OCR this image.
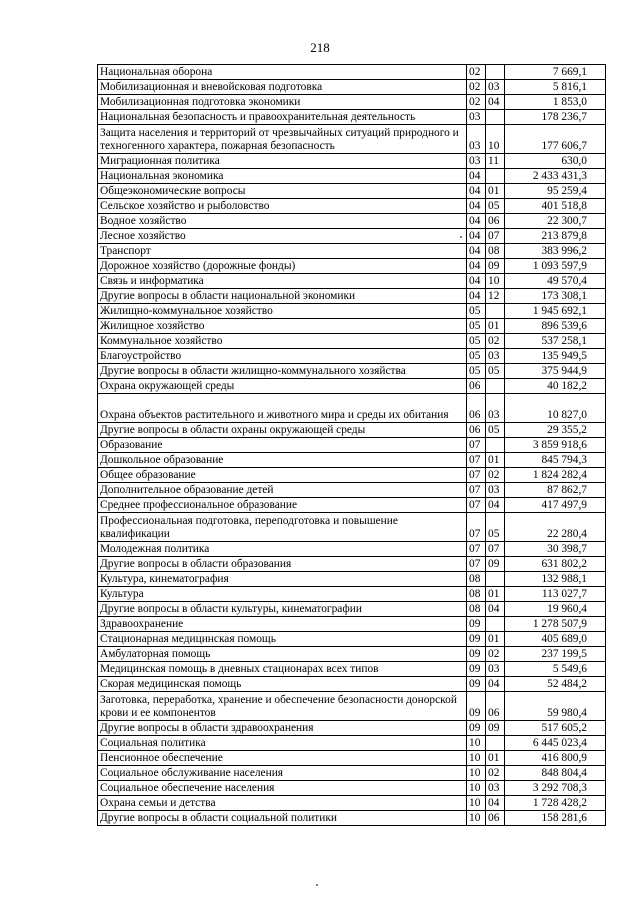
218
Национальная оборона	02		7 669,1
Мобилизационная и вневойсковая подготовка	02	03	5 816,1
Мобилизационная подготовка экономики	02	04	1 853,0
Национальная безопасность и правоохранительная деятельность	03		178 236,7
Защита населения и территорий от чрезвычайных ситуаций природного и техногенного характера, пожарная безопасность	03	10	177 606,7
Миграционная политика	03	11	630,0
Национальная экономика	04		2 433 431,3
Общеэкономические вопросы	04	01	95 259,4
Сельское хозяйство и рыболовство	04	05	401 518,8
Водное хозяйство	04	06	22 300,7
Лесное хозяйство	04	07	213 879,8
Транспорт	04	08	383 996,2
Дорожное хозяйство (дорожные фонды)	04	09	1 093 597,9
Связь и информатика	04	10	49 570,4
Другие вопросы в области национальной экономики	04	12	173 308,1
Жилищно-коммунальное хозяйство	05		1 945 692,1
Жилищное хозяйство	05	01	896 539,6
Коммунальное хозяйство	05	02	537 258,1
Благоустройство	05	03	135 949,5
Другие вопросы в области жилищно-коммунального хозяйства	05	05	375 944,9
Охрана окружающей среды	06		40 182,2
Охрана объектов растительного и животного мира и среды их обитания	06	03	10 827,0
Другие вопросы в области охраны окружающей среды	06	05	29 355,2
Образование	07		3 859 918,6
Дошкольное образование	07	01	845 794,3
Общее образование	07	02	1 824 282,4
Дополнительное образование детей	07	03	87 862,7
Среднее профессиональное образование	07	04	417 497,9
Профессиональная подготовка, переподготовка и повышение квалификации	07	05	22 280,4
Молодежная политика	07	07	30 398,7
Другие вопросы в области образования	07	09	631 802,2
Культура, кинематография	08		132 988,1
Культура	08	01	113 027,7
Другие вопросы в области культуры, кинематографии	08	04	19 960,4
Здравоохранение	09		1 278 507,9
Стационарная медицинская помощь	09	01	405 689,0
Амбулаторная помощь	09	02	237 199,5
Медицинская помощь в дневных стационарах всех типов	09	03	5 549,6
Скорая медицинская помощь	09	04	52 484,2
Заготовка, переработка, хранение и обеспечение безопасности донорской крови и ее компонентов	09	06	59 980,4
Другие вопросы в области здравоохранения	09	09	517 605,2
Социальная политика	10		6 445 023,4
Пенсионное обеспечение	10	01	416 800,9
Социальное обслуживание населения	10	02	848 804,4
Социальное обеспечение населения	10	03	3 292 708,3
Охрана семьи и детства	10	04	1 728 428,2
Другие вопросы в области социальной политики	10	06	158 281,6
